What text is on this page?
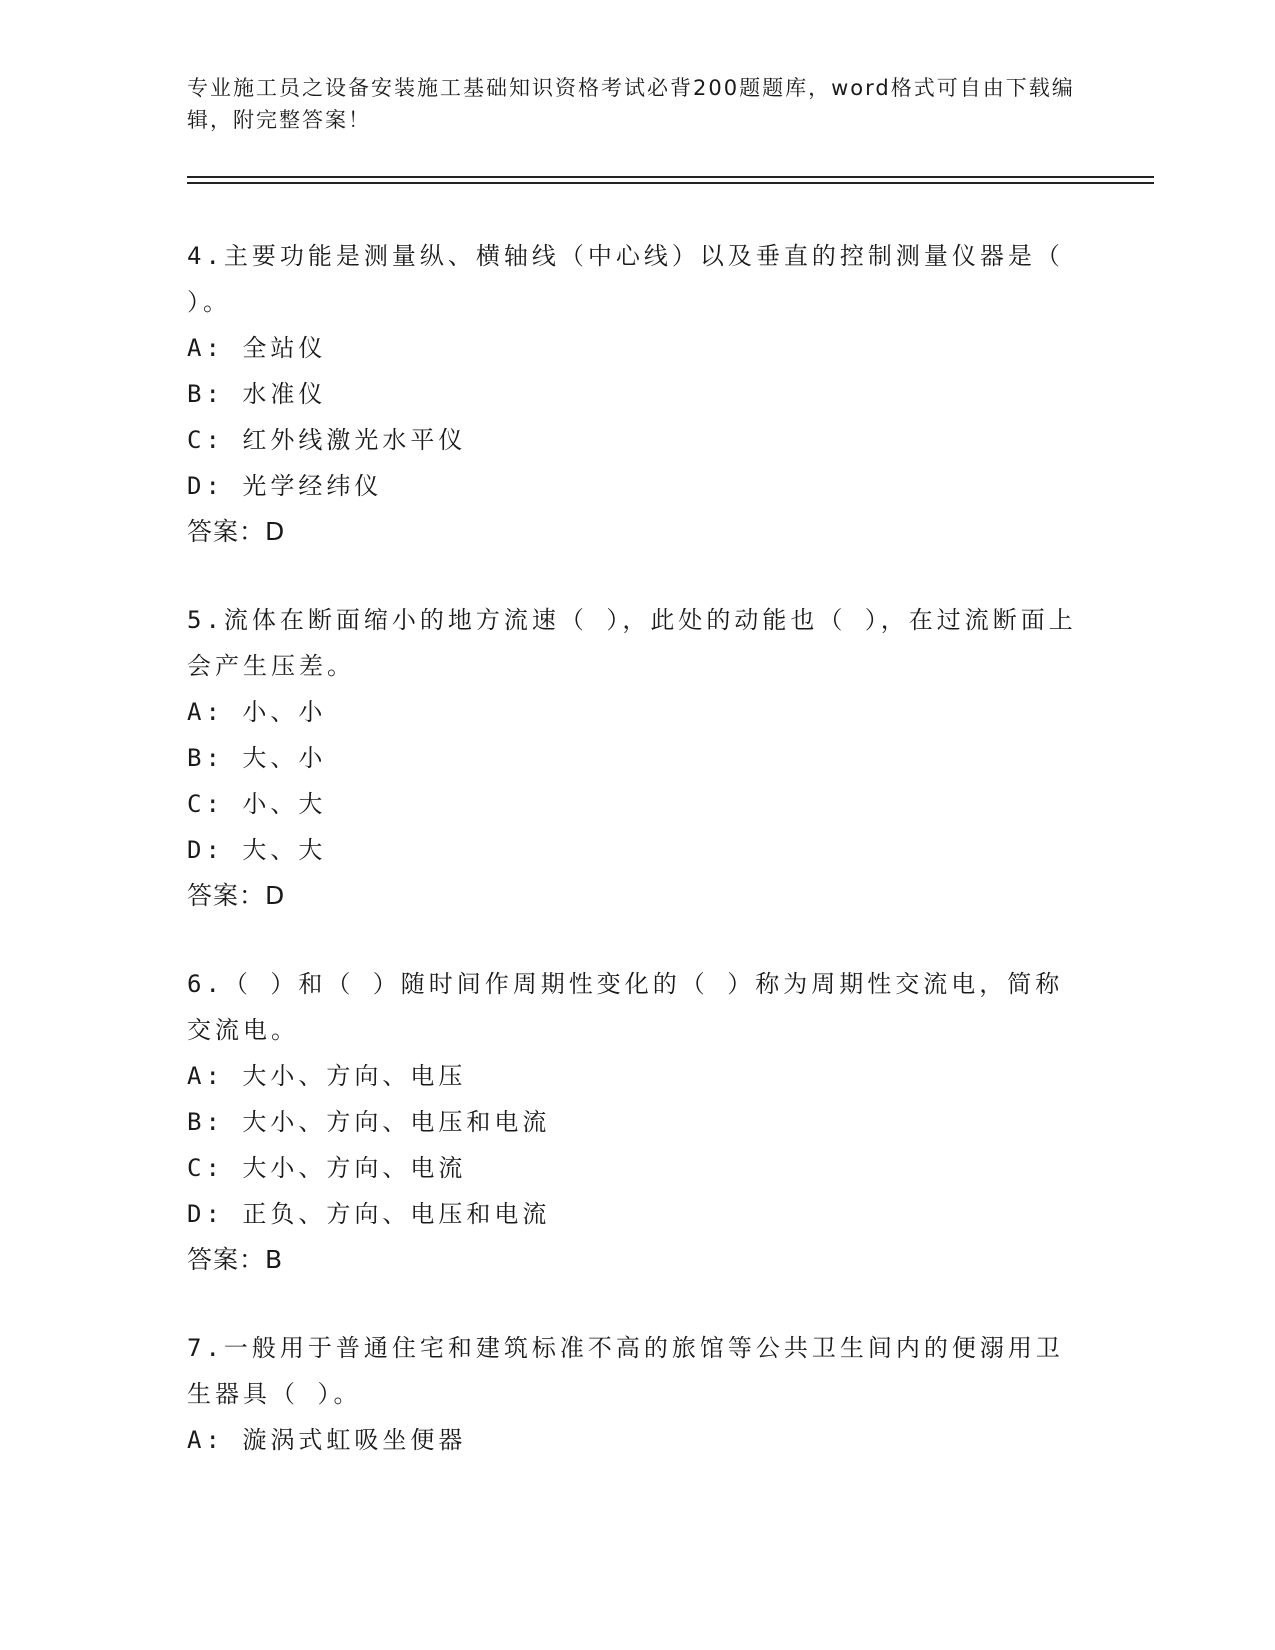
专业施工员之设备安装施工基础知识资格考试必背200题题库，word格式可自由下载编辑，附完整答案！

4.主要功能是测量纵、横轴线（中心线）以及垂直的控制测量仪器是（ ）。

A: 全站仪
B: 水准仪
C: 红外线激光水平仪
D: 光学经纬仪
答案：D

5.流体在断面缩小的地方流速（ ），此处的动能也（ ），在过流断面上会产生压差。

A: 小、小
B: 大、小
C: 小、大
D: 大、大
答案：D

6.（ ）和（ ）随时间作周期性变化的（ ）称为周期性交流电，简称交流电。

A: 大小、方向、电压
B: 大小、方向、电压和电流
C: 大小、方向、电流
D: 正负、方向、电压和电流
答案：B

7.一般用于普通住宅和建筑标准不高的旅馆等公共卫生间内的便溺用卫生器具（ ）。

A: 漩涡式虹吸坐便器
